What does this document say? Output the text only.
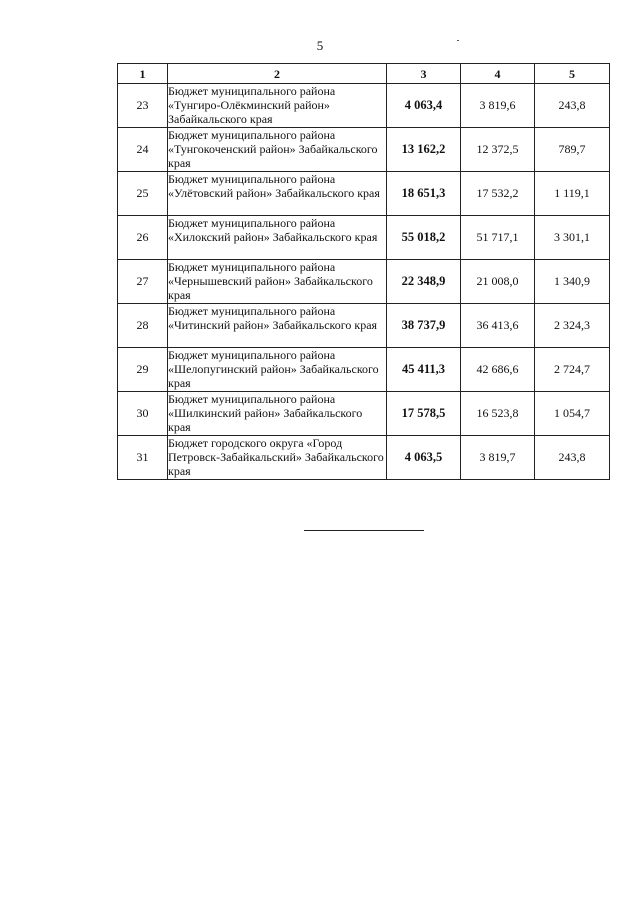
5
1	2	3	4	5
23	Бюджет муниципального района «Тунгиро-Олёкминский район» Забайкальского края	4 063,4	3 819,6	243,8
24	Бюджет муниципального района «Тунгокоченский район» Забайкальского края	13 162,2	12 372,5	789,7
25	Бюджет муниципального района «Улётовский район» Забайкальского края	18 651,3	17 532,2	1 119,1
26	Бюджет муниципального района «Хилокский район» Забайкальского края	55 018,2	51 717,1	3 301,1
27	Бюджет муниципального района «Чернышевский район» Забайкальского края	22 348,9	21 008,0	1 340,9
28	Бюджет муниципального района «Читинский район» Забайкальского края	38 737,9	36 413,6	2 324,3
29	Бюджет муниципального района «Шелопугинский район» Забайкальского края	45 411,3	42 686,6	2 724,7
30	Бюджет муниципального района «Шилкинский район» Забайкальского края	17 578,5	16 523,8	1 054,7
31	Бюджет городского округа «Город Петровск-Забайкальский» Забайкальского края	4 063,5	3 819,7	243,8
